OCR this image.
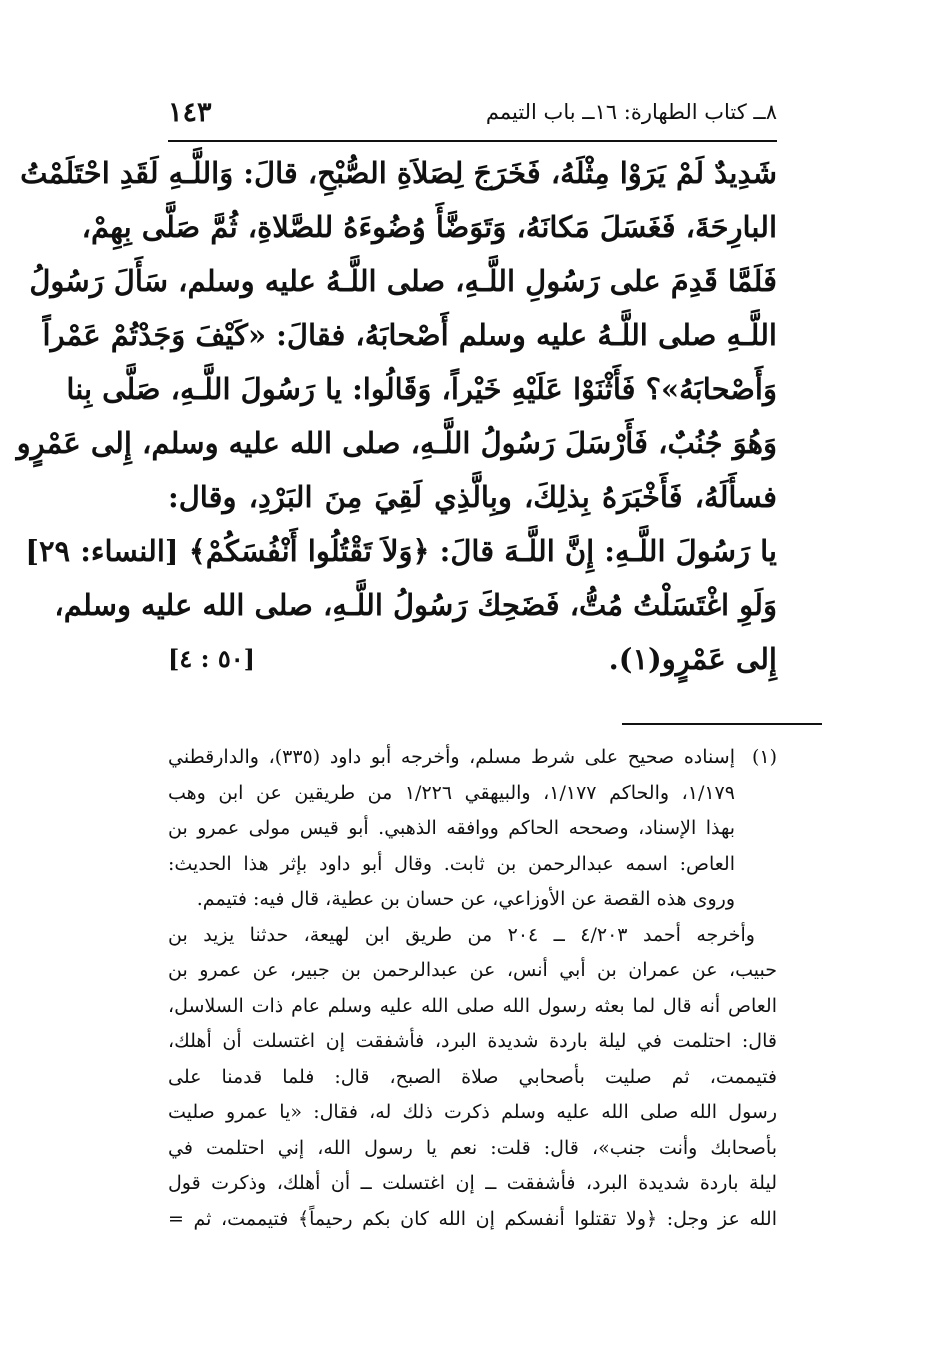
٨ــ كتاب الطهارة: ١٦ــ باب التيمم
١٤٣
شَدِيدٌ لَمْ يَرَوْا مِثْلَهُ، فَخَرَجَ لِصَلاَةِ الصُّبْحِ، قالَ: وَاللَّـهِ لَقَدِ احْتَلَمْتُ
البارِحَةَ، فَغَسَلَ مَكانَهُ، وَتَوَضَّأَ وُضُوءَهُ للصَّلاةِ، ثُمَّ صَلَّى بِهِمْ،
فَلَمَّا قَدِمَ على رَسُولِ اللَّـهِ، صلى اللَّـهُ عليه وسلم، سَأَلَ رَسُولُ
اللَّـهِ صلى اللَّـهُ عليه وسلم أَصْحابَهُ، فقالَ: «كَيْفَ وَجَدْتُمْ عَمْراً
وَأَصْحابَهُ»؟ فَأَثْنَوْا عَلَيْهِ خَيْراً، وَقَالُوا: يا رَسُولَ اللَّـهِ، صَلَّى بِنا
وَهُوَ جُنُبٌ، فَأَرْسَلَ رَسُولُ اللَّـهِ، صلى الله عليه وسلم، إِلى عَمْرٍو
فسأَلَهُ، فَأَخْبَرَهُ بِذلِكَ، وبِالَّذِي لَقِيَ مِنَ البَرْدِ، وقال:
يا رَسُولَ اللَّـهِ: إِنَّ اللَّـهَ قالَ: ﴿وَلاَ تَقْتُلُوا أَنْفُسَكُمْ﴾ [النساء: ٢٩]
وَلَوِ اغْتَسَلْتُ مُتُّ، فَضَحِكَ رَسُولُ اللَّـهِ، صلى الله عليه وسلم،
إِلى عَمْرٍو(١).
[٥٠ : ٤]
(١)
إسناده صحيح على شرط مسلم، وأخرجه أبو داود (٣٣٥)، والدارقطني
١/١٧٩، والحاكم ١/١٧٧، والبيهقي ١/٢٢٦ من طريقين عن ابن وهب
بهذا الإسناد، وصححه الحاكم ووافقه الذهبي. أبو قيس مولى عمرو بن
العاص: اسمه عبدالرحمن بن ثابت. وقال أبو داود بإثر هذا الحديث:
وروى هذه القصة عن الأوزاعي، عن حسان بن عطية، قال فيه: فتيمم.
وأخرجه أحمد ٤/٢٠٣ ــ ٢٠٤ من طريق ابن لهيعة، حدثنا يزيد بن
حبيب، عن عمران بن أبي أنس، عن عبدالرحمن بن جبير، عن عمرو بن
العاص أنه قال لما بعثه رسول الله صلى الله عليه وسلم عام ذات السلاسل،
قال: احتلمت في ليلة باردة شديدة البرد، فأشفقت إن اغتسلت أن أهلك،
فتيممت، ثم صليت بأصحابي صلاة الصبح، قال: فلما قدمنا على
رسول الله صلى الله عليه وسلم ذكرت ذلك له، فقال: «يا عمرو صليت
بأصحابك وأنت جنب»، قال: قلت: نعم يا رسول الله، إني احتلمت في
ليلة باردة شديدة البرد، فأشفقت ــ إن اغتسلت ــ أن أهلك، وذكرت قول
الله عز وجل: ﴿ولا تقتلوا أنفسكم إن الله كان بكم رحيماً﴾ فتيممت، ثم =
